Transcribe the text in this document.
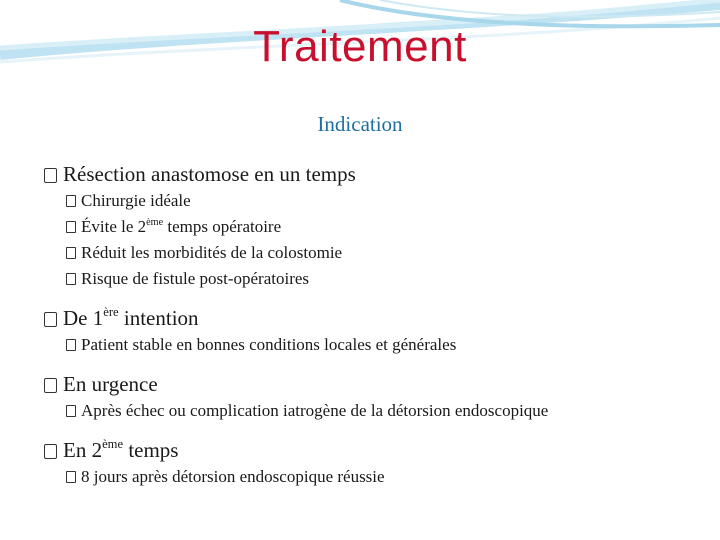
Traitement
Indication
Résection anastomose en un temps
Chirurgie idéale
Évite le 2ème temps opératoire
Réduit les morbidités de la colostomie
Risque de fistule post-opératoires
De 1ère intention
Patient stable en bonnes conditions locales et générales
En urgence
Après échec ou complication iatrogène de la détorsion endoscopique
En 2ème temps
8 jours après détorsion endoscopique réussie
